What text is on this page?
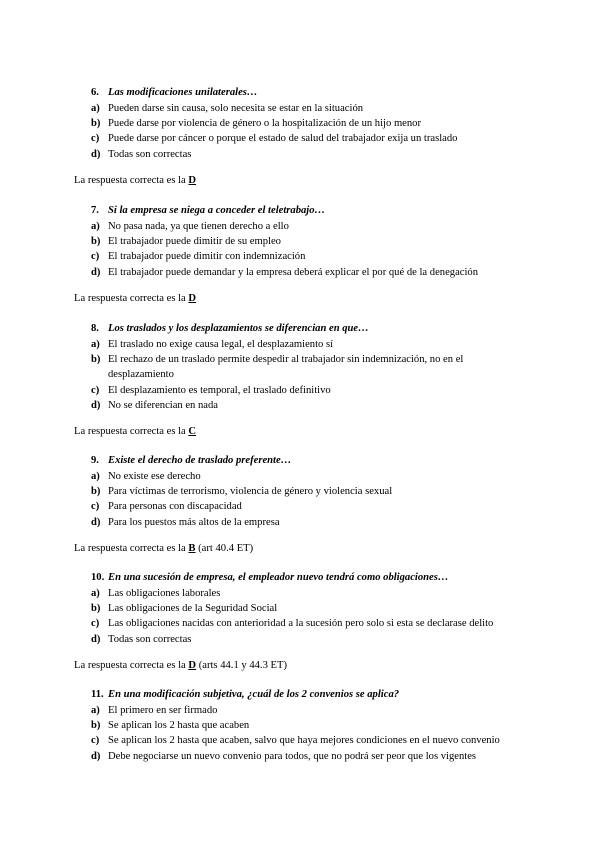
6. Las modificaciones unilaterales…
a) Pueden darse sin causa, solo necesita se estar en la situación
b) Puede darse por violencia de género o la hospitalización de un hijo menor
c) Puede darse por cáncer o porque el estado de salud del trabajador exija un traslado
d) Todas son correctas
La respuesta correcta es la D
7. Si la empresa se niega a conceder el teletrabajo…
a) No pasa nada, ya que tienen derecho a ello
b) El trabajador puede dimitir de su empleo
c) El trabajador puede dimitir con indemnización
d) El trabajador puede demandar y la empresa deberá explicar el por qué de la denegación
La respuesta correcta es la D
8. Los traslados y los desplazamientos se diferencian en que…
a) El traslado no exige causa legal, el desplazamiento sí
b) El rechazo de un traslado permite despedir al trabajador sin indemnización, no en el desplazamiento
c) El desplazamiento es temporal, el traslado definitivo
d) No se diferencian en nada
La respuesta correcta es la C
9. Existe el derecho de traslado preferente…
a) No existe ese derecho
b) Para víctimas de terrorismo, violencia de género y violencia sexual
c) Para personas con discapacidad
d) Para los puestos más altos de la empresa
La respuesta correcta es la B (art 40.4 ET)
10. En una sucesión de empresa, el empleador nuevo tendrá como obligaciones…
a) Las obligaciones laborales
b) Las obligaciones de la Seguridad Social
c) Las obligaciones nacidas con anterioridad a la sucesión pero solo si esta se declarase delito
d) Todas son correctas
La respuesta correcta es la D (arts 44.1 y 44.3 ET)
11. En una modificación subjetiva, ¿cuál de los 2 convenios se aplica?
a) El primero en ser firmado
b) Se aplican los 2 hasta que acaben
c) Se aplican los 2 hasta que acaben, salvo que haya mejores condiciones en el nuevo convenio
d) Debe negociarse un nuevo convenio para todos, que no podrá ser peor que los vigentes
